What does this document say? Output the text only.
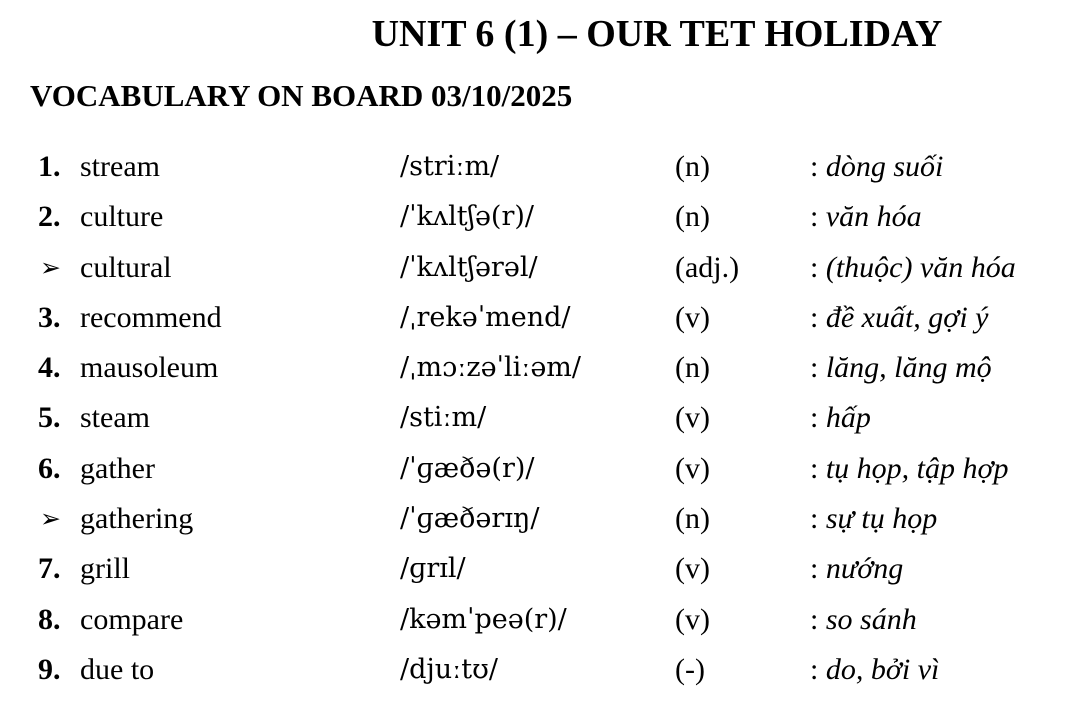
UNIT 6 (1) – OUR TET HOLIDAY
VOCABULARY ON BOARD 03/10/2025
1. stream	/striːm/	(n)	: dòng suối
2. culture	/ˈkʌltʃə(r)/	(n)	: văn hóa
➢ cultural	/ˈkʌltʃərəl/	(adj.) : (thuộc) văn hóa
3. recommend	/ˌrekəˈmend/	(v)	: đề xuất, gợi ý
4. mausoleum	/ˌmɔːzəˈliːəm/	(n)	: lăng, lăng mộ
5. steam	/stiːm/	(v)	: hấp
6. gather	/ˈɡæðə(r)/	(v)	: tụ họp, tập hợp
➢ gathering	/ˈɡæðərɪŋ/	(n)	: sự tụ họp
7. grill	/ɡrɪl/	(v)	: nướng
8. compare	/kəmˈpeə(r)/	(v)	: so sánh
9. due to	/djuːtʊ/	(-)	: do, bởi vì
